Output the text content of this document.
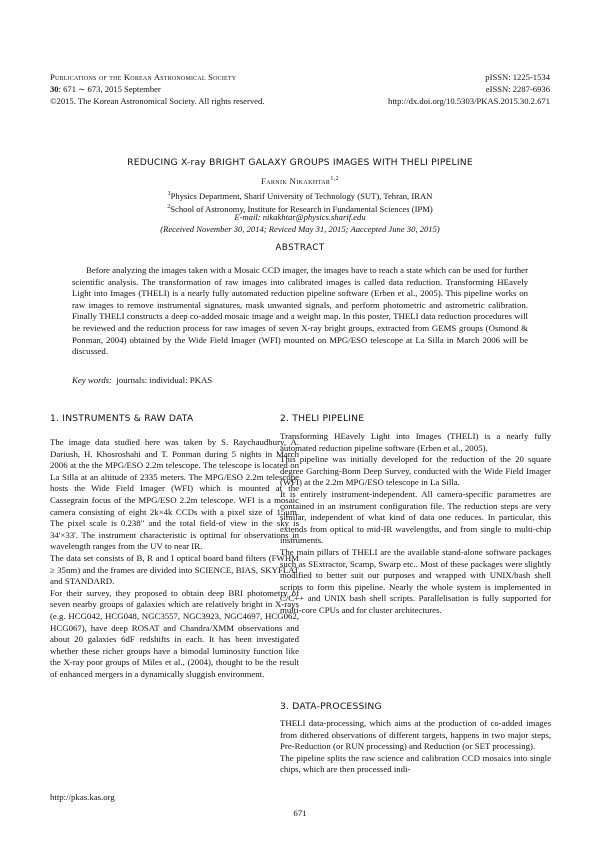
Publications of the Korean Astronomical Society
30: 671 ∼ 673, 2015 September
©2015. The Korean Astronomical Society. All rights reserved.
pISSN: 1225-1534
eISSN: 2287-6936
http://dx.doi.org/10.5303/PKAS.2015.30.2.671
REDUCING X-ray BRIGHT GALAXY GROUPS IMAGES WITH THELI PIPELINE
Farnik Nikakhtar$^{1,2}$
$^1$Physics Department, Sharif University of Technology (SUT), Tehran, IRAN
$^2$School of Astronomy, Institute for Research in Fundamental Sciences (IPM)
E-mail: nikakhtar@physics.sharif.edu
(Received November 30, 2014; Reviced May 31, 2015; Aaccepted June 30, 2015)
ABSTRACT
Before analyzing the images taken with a Mosaic CCD imager, the images have to reach a state which can be used for further scientific analysis. The transformation of raw images into calibrated images is called data reduction. Transforming HEavely Light into Images (THELI) is a nearly fully automated reduction pipeline software (Erben et al., 2005). This pipeline works on raw images to remove instrumental signatures, mask unwanted signals, and perform photometric and astrometric calibration. Finally THELI constructs a deep co-added mosaic image and a weight map. In this poster, THELI data reduction procedures will be reviewed and the reduction process for raw images of seven X-ray bright groups, extracted from GEMS groups (Osmond & Ponman, 2004) obtained by the Wide Field Imager (WFI) mounted on MPG/ESO telescope at La Silla in March 2006 will be discussed.
Key words: journals: individual: PKAS
1. INSTRUMENTS & RAW DATA

The image data studied here was taken by S. Raychaudhury, A. Dariush, H. Khosroshahi and T. Ponman during 5 nights in March 2006 at the the MPG/ESO 2.2m telescope. The telescope is located on La Silla at an altitude of 2335 meters. The MPG/ESO 2.2m telescope hosts the Wide Field Imager (WFI) which is mounted at the Cassegrain focus of the MPG/ESO 2.2m telescope. WFI is a mosaic camera consisting of eight 2k×4k CCDs with a pixel size of 15μm. The pixel scale is 0.238" and the total field-of view in the sky is 34'×33'. The instrument characteristic is optimal for observations in wavelength ranges from the UV to near IR.

The data set consists of B, R and I optical board band filters (FWHM ≥ 35nm) and the frames are divided into SCIENCE, BIAS, SKYFLAT and STANDARD.

For their survey, they proposed to obtain deep BRI photometry of seven nearby groups of galaxies which are relatively bright in X-rays (e.g. HCG042, HCG048, NGC3557, NGC3923, NGC4697, HCG062, HCG067), have deep ROSAT and Chandra/XMM observations and about 20 galaxies 6dF redshifts in each. It has been investigated whether these richer groups have a bimodal luminosity function like the X-ray poor groups of Miles et al., (2004), thought to be the result of enhanced mergers in a dynamically sluggish environment.

2. THELI PIPELINE

Transforming HEavely Light into Images (THELI) is a nearly fully automated reduction pipeline software (Erben et al., 2005).

This pipeline was initially developed for the reduction of the 20 square degree Garching-Bonn Deep Survey, conducted with the Wide Field Imager (WFI) at the 2.2m MPG/ESO telescope in La Silla.

It is entirely instrument-independent. All camera-specific parametres are contained in an instrument configuration file. The reduction steps are very similar, independent of what kind of data one reduces. In particular, this extends from optical to mid-IR wavelengths, and from single to multi-chip instruments.

The main pillars of THELI are the available stand-alone software packages such as SExtractor, Scamp, Swarp etc.. Most of these packages were slightly modified to better suit our purposes and wrapped with UNIX/bash shell scripts to form this pipeline. Nearly the whole system is implemented in C/C++ and UNIX bash shell scripts. Parallelisation is fully supported for multi-core CPUs and for cluster architectures.

3. DATA-PROCESSING

THELI data-processing, which aims at the production of co-added images from dithered observations of different targets, happens in two major steps, Pre-Reduction (or RUN processing) and Reduction (or SET processing).

The pipeline splits the raw science and calibration CCD mosaics into single chips, which are then processed indi-

http://pkas.kas.org
671
